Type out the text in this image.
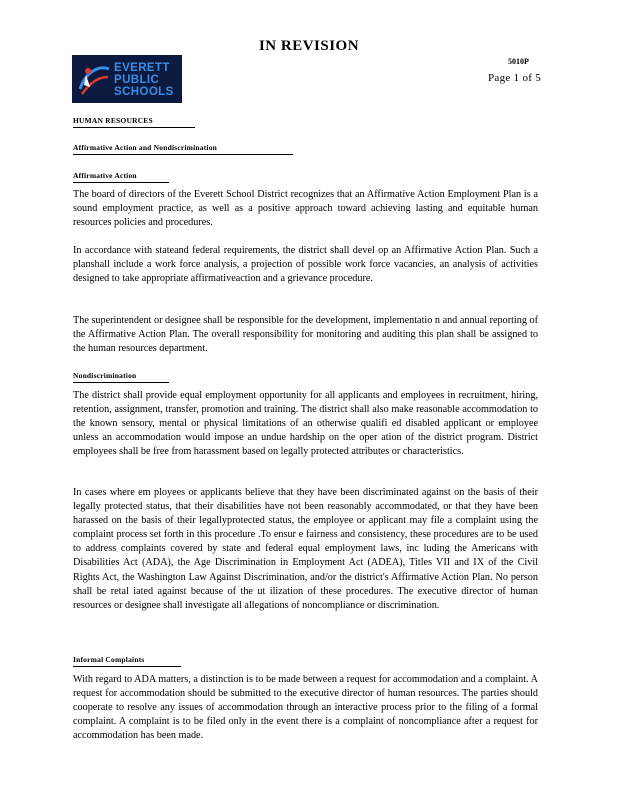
IN REVISION
EVERETT
PUBLIC
SCHOOLS
5010P
Page 1 of 5
HUMAN RESOURCES
Affirmative Action and Nondiscrimination
Affirmative Action

The board of directors of the Everett School District recognizes that an Affirmative Action Employment Plan is a sound employment practice, as well as a positive approach toward achieving lasting and equitable human resources policies and procedures.

In accordance with stateand federal requirements, the district shall devel op an Affirmative Action Plan. Such a planshall include a work force analysis, a projection of possible work force vacancies, an analysis of activities designed to take appropriate affirmativeaction and a grievance procedure.

The superintendent or designee shall be responsible for the development, implementatio n and annual reporting of the Affirmative Action Plan. The overall responsibility for monitoring and auditing this plan shall be assigned to the human resources department.

Nondiscrimination

The district shall provide equal employment opportunity for all applicants and employees in recruitment, hiring, retention, assignment, transfer, promotion and training. The district shall also make reasonable accommodation to the known sensory, mental or physical limitations of an otherwise qualifi ed disabled applicant or employee unless an accommodation would impose an undue hardship on the oper ation of the district program. District employees shall be free from harassment based on legally protected attributes or characteristics.

In cases where em ployees or applicants believe that they have been discriminated against on the basis of their legally protected status, that their disabilities have not been reasonably accommodated, or that they have been harassed on the basis of their legallyprotected status, the employee or applicant may file a complaint using the complaint process set forth in this procedure .To ensur e fairness and consistency, these procedures are to be used to address complaints covered by state and federal equal employment laws, inc luding the Americans with Disabilities Act (ADA), the Age Discrimination in Employment Act (ADEA), Titles VII and IX of the Civil Rights Act, the Washington Law Against Discrimination, and/or the district's Affirmative Action Plan. No person shall be retal iated against because of the ut ilization of these procedures. The executive director of human resources or designee shall investigate all allegations of noncompliance or discrimination.

Informal Complaints

With regard to ADA matters, a distinction is to be made between a request for accommodation and a complaint. A request for accommodation should be submitted to the executive director of human resources. The parties should cooperate to resolve any issues of accommodation through an interactive process prior to the filing of a formal complaint. A complaint is to be filed only in the event there is a complaint of noncompliance after a request for accommodation has been made.
